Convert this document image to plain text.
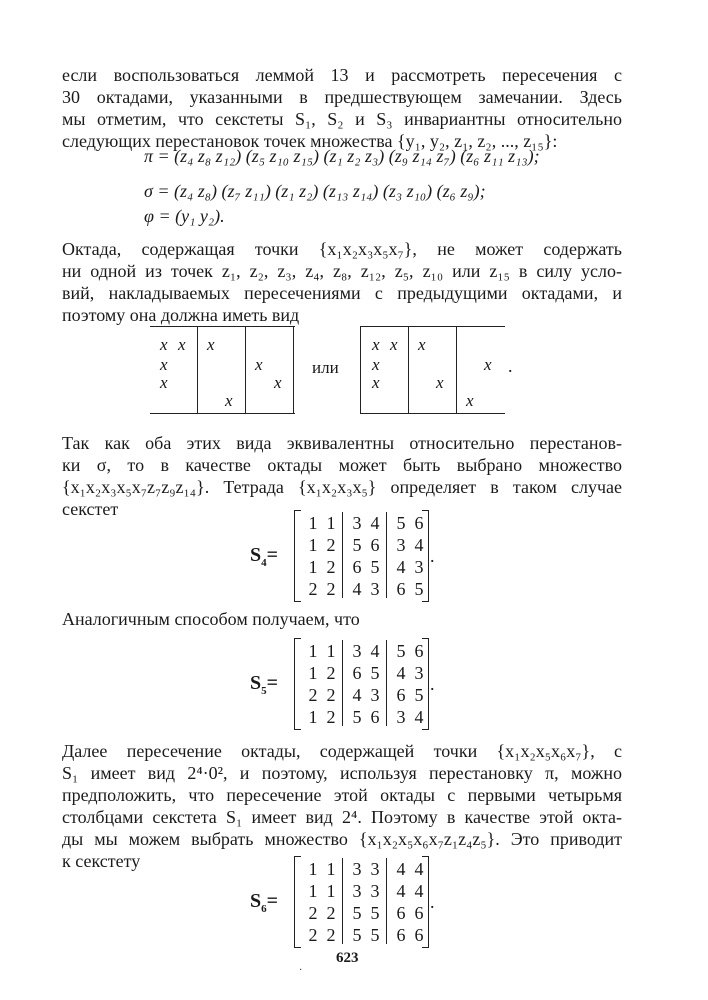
если воспользоваться леммой 13 и рассмотреть пересечения с
30 октадами, указанными в предшествующем замечании. Здесь
мы отметим, что секстеты S₁, S₂ и S₃ инвариантны относительно
следующих перестановок точек множества {y₁, y₂, z₁, z₂, ..., z₁₅}:
π = (z₄ z₈ z₁₂) (z₅ z₁₀ z₁₅) (z₁ z₂ z₃) (z₉ z₁₄ z₇) (z₆ z₁₁ z₁₃);
σ = (z₄ z₈) (z₇ z₁₁) (z₁ z₂) (z₁₃ z₁₄) (z₃ z₁₀) (z₆ z₉);
φ = (y₁ y₂).
Октада, содержащая точки {x₁x₂x₃x₅x₇}, не может содержать
ни одной из точек z₁, z₂, z₃, z₄, z₈, z₁₂, z₅, z₁₀ или z₁₅ в силу усло-
вий, накладываемых пересечениями с предыдущими октадами, и
поэтому она должна иметь вид
x x
x
x
x
x
x
x
или
x x
x
x
x
x
x
x .
Так как оба этих вида эквивалентны относительно перестанов-
ки σ, то в качестве октады может быть выбрано множество
{x₁x₂x₃x₅x₇z₇z₉z₁₄}. Тетрада {x₁x₂x₃x₅} определяет в таком случае
секстет
$S_4=$
1 1 3 4 5 6
1 2 5 6 3 4
1 2 6 5 4 3
2 2 4 3 6 5
.
Аналогичным способом получаем, что
$S_5=$
1 1 3 4 5 6
1 2 6 5 4 3
2 2 4 3 6 5
1 2 5 6 3 4
.
Далее пересечение октады, содержащей точки {x₁x₂x₅x₆x₇}, с
S₁ имеет вид 2⁴·0², и поэтому, используя перестановку π, можно
предположить, что пересечение этой октады с первыми четырьмя
столбцами секстета S₁ имеет вид 2⁴. Поэтому в качестве этой окта-
ды мы можем выбрать множество {x₁x₂x₅x₆x₇z₁z₄z₅}. Это приводит
к секстету
$S_6=$
1 1 3 3 4 4
1 1 3 3 4 4
2 2 5 5 6 6
2 2 5 5 6 6
.
·
623
